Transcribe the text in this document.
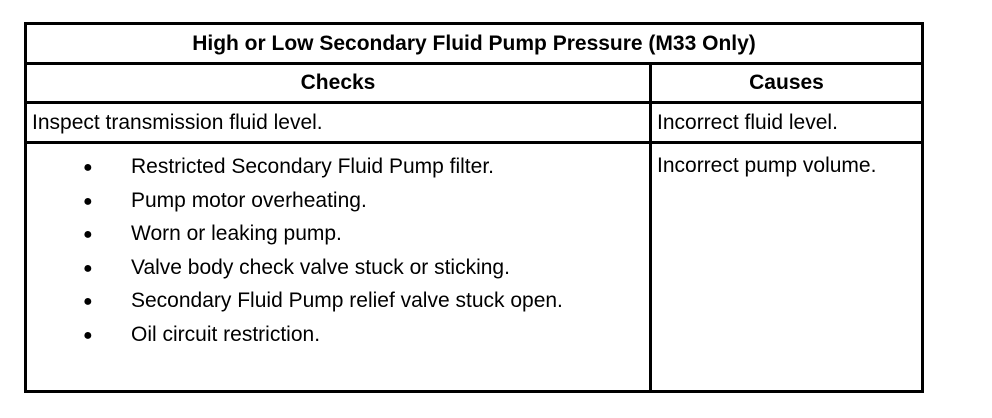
High or Low Secondary Fluid Pump Pressure (M33 Only)
Checks	Causes
Inspect transmission fluid level.	Incorrect fluid level.
● Restricted Secondary Fluid Pump filter.
● Pump motor overheating.
● Worn or leaking pump.
● Valve body check valve stuck or sticking.
● Secondary Fluid Pump relief valve stuck open.
● Oil circuit restriction.
Incorrect pump volume.
